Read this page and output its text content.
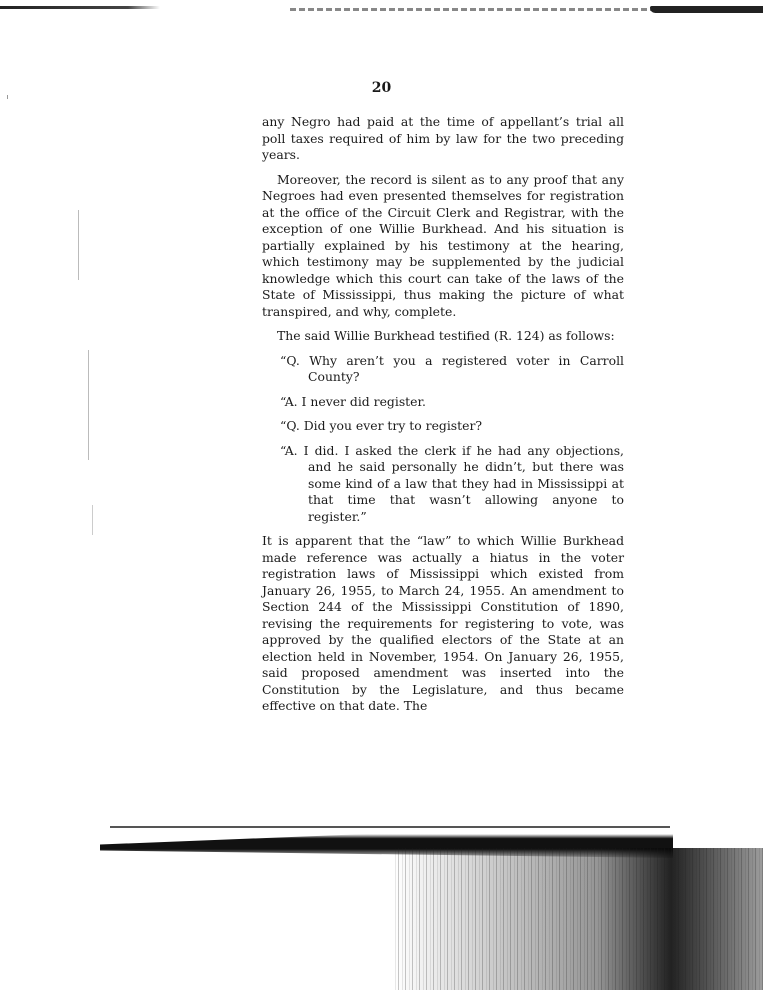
20

any Negro had paid at the time of appellant’s trial all poll taxes required of him by law for the two preceding years.

Moreover, the record is silent as to any proof that any Negroes had even presented themselves for registration at the office of the Circuit Clerk and Registrar, with the exception of one Willie Burkhead. And his situation is partially explained by his testimony at the hearing, which testimony may be supplemented by the judicial knowledge which this court can take of the laws of the State of Mississippi, thus making the picture of what transpired, and why, complete.

The said Willie Burkhead testified (R. 124) as follows:

“Q. Why aren’t you a registered voter in Carroll County?

“A. I never did register.

“Q. Did you ever try to register?

“A. I did. I asked the clerk if he had any objections, and he said personally he didn’t, but there was some kind of a law that they had in Mississippi at that time that wasn’t allowing anyone to register.”

It is apparent that the “law” to which Willie Burkhead made reference was actually a hiatus in the voter registration laws of Mississippi which existed from January 26, 1955, to March 24, 1955. An amendment to Section 244 of the Mississippi Constitution of 1890, revising the requirements for registering to vote, was approved by the qualified electors of the State at an election held in November, 1954. On January 26, 1955, said proposed amendment was inserted into the Constitution by the Legislature, and thus became effective on that date. The
